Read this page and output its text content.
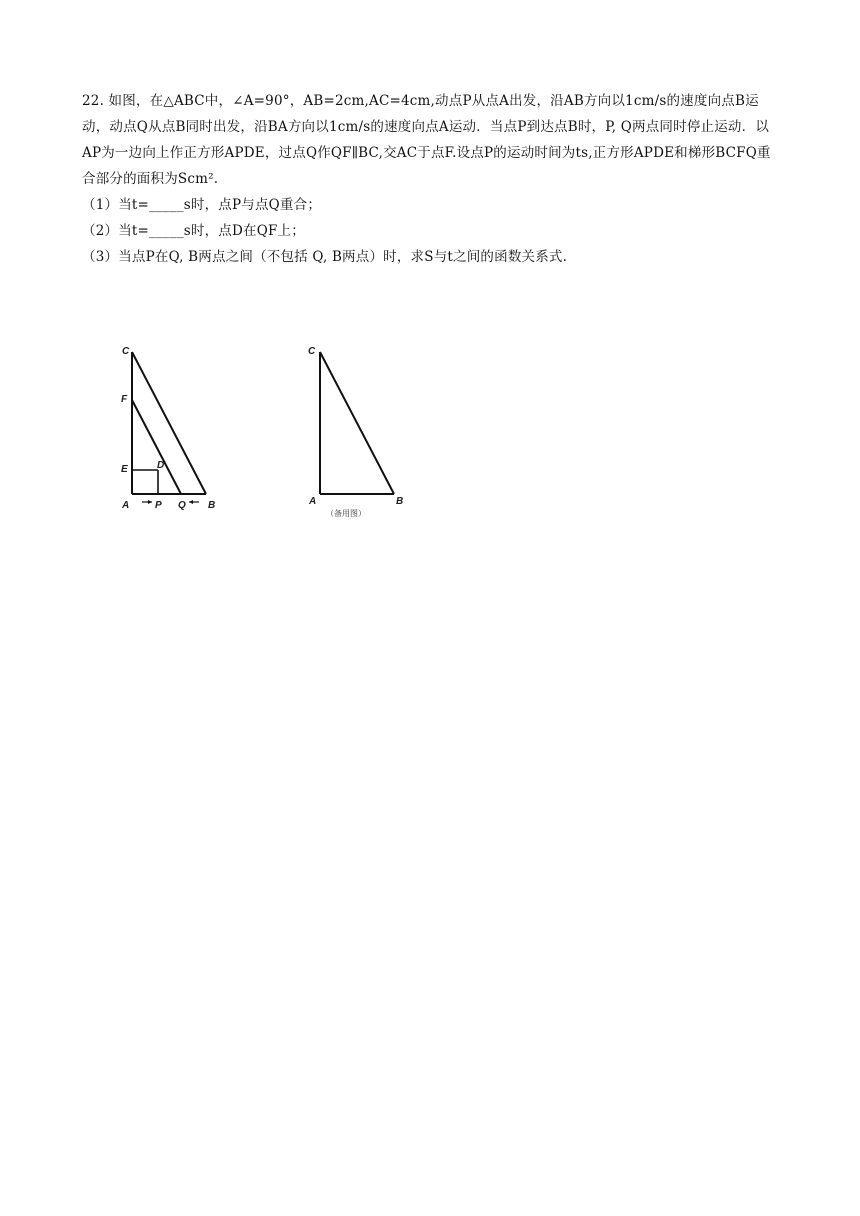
22. 如图，在△ABC中，∠A=90°，AB=2cm,AC=4cm,动点P从点A出发，沿AB方向以1cm/s的速度向点B运动，动点Q从点B同时出发，沿BA方向以1cm/s的速度向点A运动．当点P到达点B时，P, Q两点同时停止运动．以AP为一边向上作正方形APDE，过点Q作QF∥BC,交AC于点F.设点P的运动时间为ts,正方形APDE和梯形BCFQ重合部分的面积为Scm².

（1）当t=_____s时，点P与点Q重合；

（2）当t=_____s时，点D在QF上；

（3）当点P在Q, B两点之间（不包括 Q, B两点）时，求S与t之间的函数关系式.

C
F
E	D
A	P Q B
C
A	B
（备用图）
